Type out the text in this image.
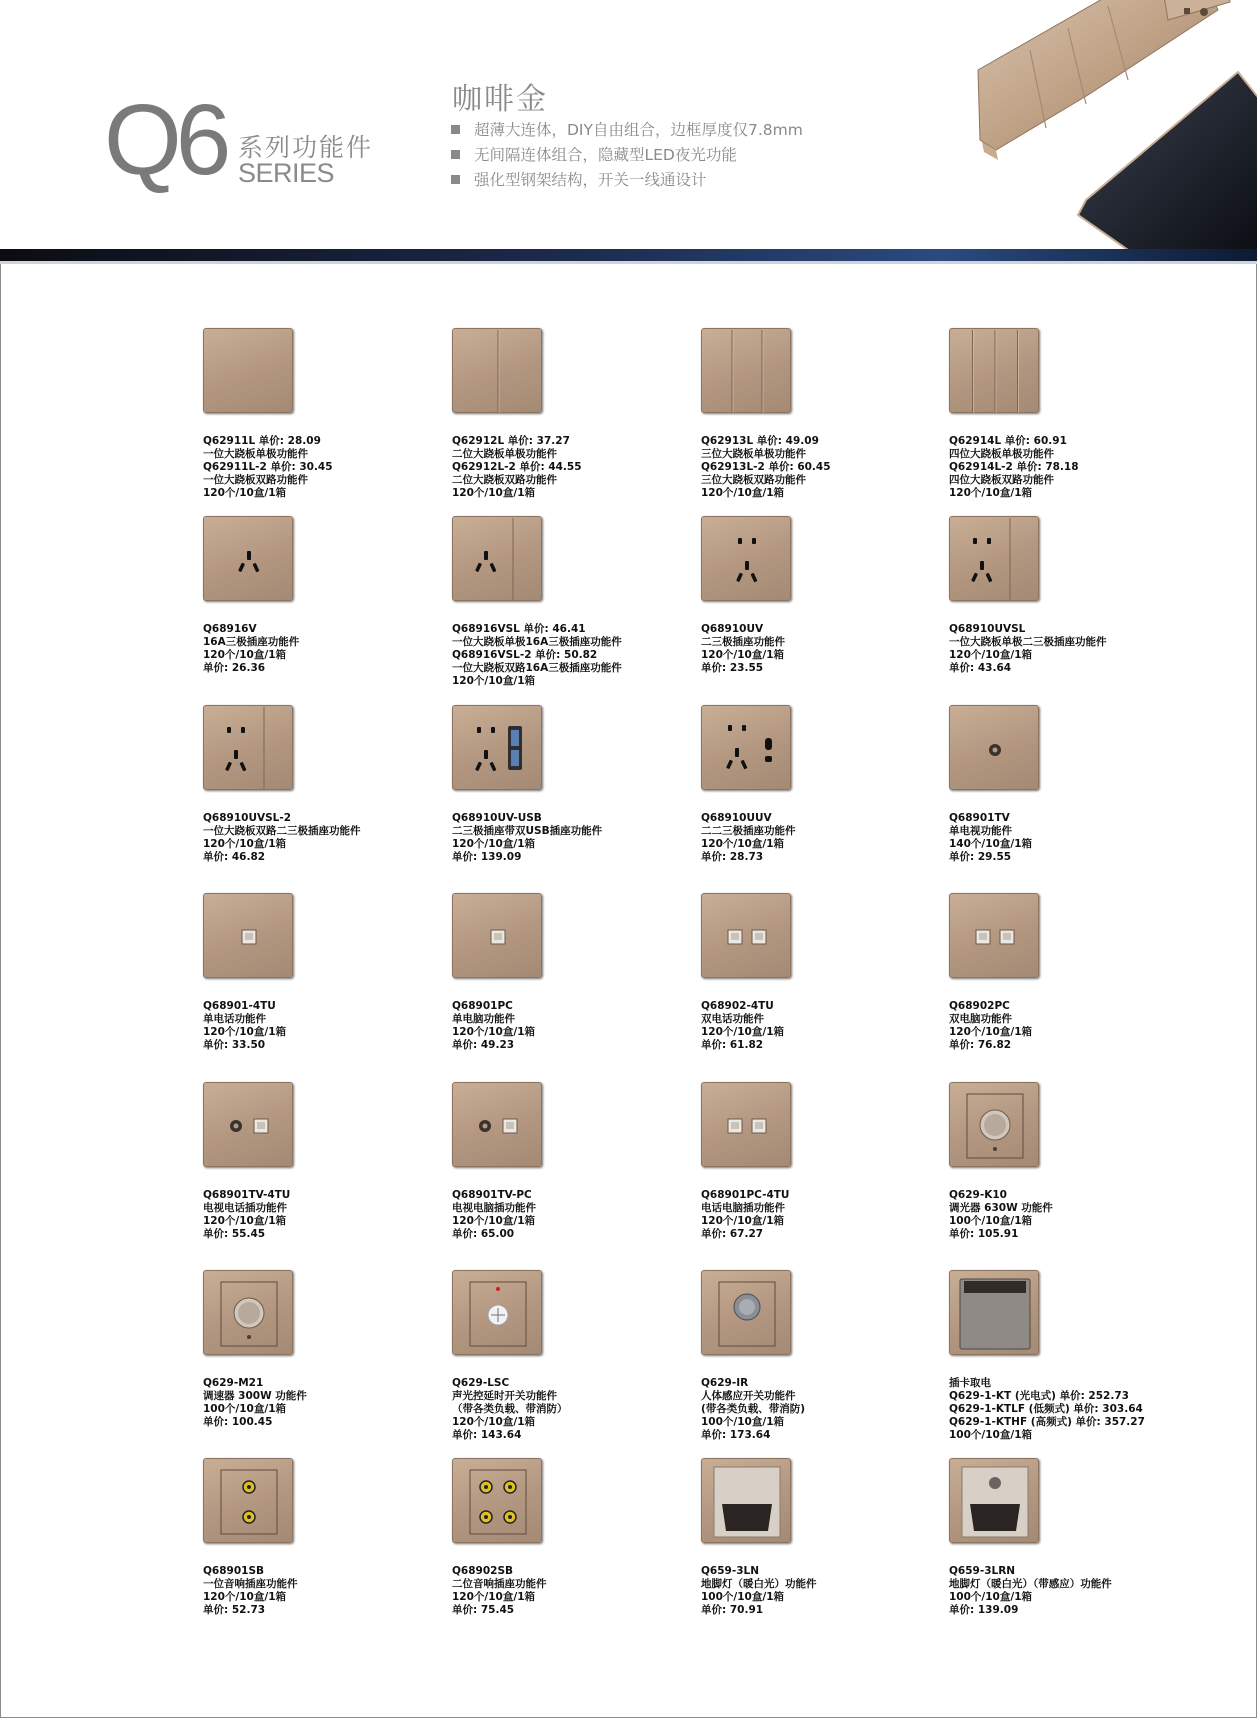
Q6 系列功能件
SERIES
咖啡金
超薄大连体，DIY自由组合，边框厚度仅7.8mm
无间隔连体组合，隐藏型LED夜光功能
强化型钢架结构，开关一线通设计
Q62911L 单价: 28.09
一位大跷板单极功能件
Q62911L-2 单价: 30.45
一位大跷板双路功能件
120个/10盒/1箱
Q62912L 单价: 37.27
二位大跷板单极功能件
Q62912L-2 单价: 44.55
二位大跷板双路功能件
120个/10盒/1箱
Q62913L 单价: 49.09
三位大跷板单极功能件
Q62913L-2 单价: 60.45
三位大跷板双路功能件
120个/10盒/1箱
Q62914L 单价: 60.91
四位大跷板单极功能件
Q62914L-2 单价: 78.18
四位大跷板双路功能件
120个/10盒/1箱
Q68916V
16A三极插座功能件
120个/10盒/1箱
单价: 26.36
Q68916VSL 单价: 46.41
一位大跷板单极16A三极插座功能件
Q68916VSL-2 单价: 50.82
一位大跷板双路16A三极插座功能件
120个/10盒/1箱
Q68910UV
二三极插座功能件
120个/10盒/1箱
单价: 23.55
Q68910UVSL
一位大跷板单极二三极插座功能件
120个/10盒/1箱
单价: 43.64
Q68910UVSL-2
一位大跷板双路二三极插座功能件
120个/10盒/1箱
单价: 46.82
Q68910UV-USB
二三极插座带双USB插座功能件
120个/10盒/1箱
单价: 139.09
Q68910UUV
二二三极插座功能件
120个/10盒/1箱
单价: 28.73
Q68901TV
单电视功能件
140个/10盒/1箱
单价: 29.55
Q68901-4TU
单电话功能件
120个/10盒/1箱
单价: 33.50
Q68901PC
单电脑功能件
120个/10盒/1箱
单价: 49.23
Q68902-4TU
双电话功能件
120个/10盒/1箱
单价: 61.82
Q68902PC
双电脑功能件
120个/10盒/1箱
单价: 76.82
Q68901TV-4TU
电视电话插功能件
120个/10盒/1箱
单价: 55.45
Q68901TV-PC
电视电脑插功能件
120个/10盒/1箱
单价: 65.00
Q68901PC-4TU
电话电脑插功能件
120个/10盒/1箱
单价: 67.27
Q629-K10
调光器 630W 功能件
100个/10盒/1箱
单价: 105.91
Q629-M21
调速器 300W 功能件
100个/10盒/1箱
单价: 100.45
Q629-LSC
声光控延时开关功能件
（带各类负载、带消防）
120个/10盒/1箱
单价: 143.64
Q629-IR
人体感应开关功能件
(带各类负载、带消防)
100个/10盒/1箱
单价: 173.64
插卡取电
Q629-1-KT (光电式) 单价: 252.73
Q629-1-KTLF (低频式) 单价: 303.64
Q629-1-KTHF (高频式) 单价: 357.27
100个/10盒/1箱
Q68901SB
一位音响插座功能件
120个/10盒/1箱
单价: 52.73
Q68902SB
二位音响插座功能件
120个/10盒/1箱
单价: 75.45
Q659-3LN
地脚灯（暖白光）功能件
100个/10盒/1箱
单价: 70.91
Q659-3LRN
地脚灯（暖白光）（带感应）功能件
100个/10盒/1箱
单价: 139.09
